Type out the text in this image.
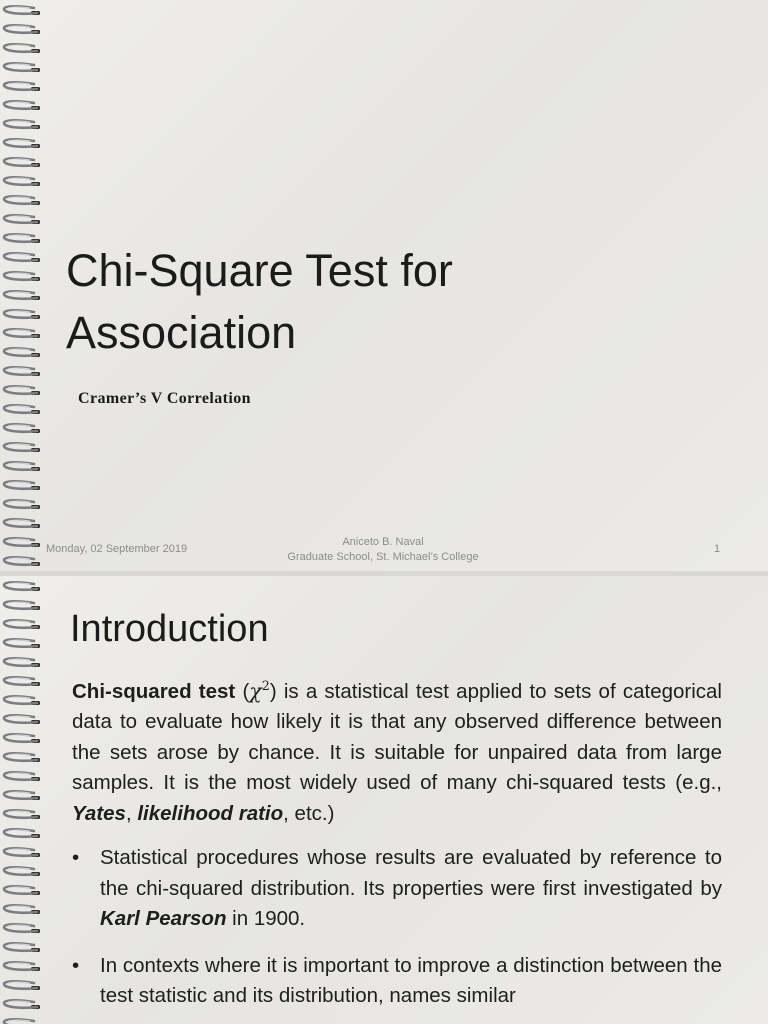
Chi-Square Test for
Association

Cramer’s V Correlation

Monday, 02 September 2019
Aniceto B. Naval
Graduate School, St. Michael’s College
1
Introduction

Chi-squared test $(\chi^2)$ is a statistical test applied to sets of categorical data to evaluate how likely it is that any observed difference between the sets arose by chance. It is suitable for unpaired data from large samples. It is the most widely used of many chi-squared tests (e.g., Yates, likelihood ratio, etc.)

• Statistical procedures whose results are evaluated by reference to the chi-squared distribution. Its properties were first investigated by Karl Pearson in 1900.
• In contexts where it is important to improve a distinction between the test statistic and its distribution, names similar
